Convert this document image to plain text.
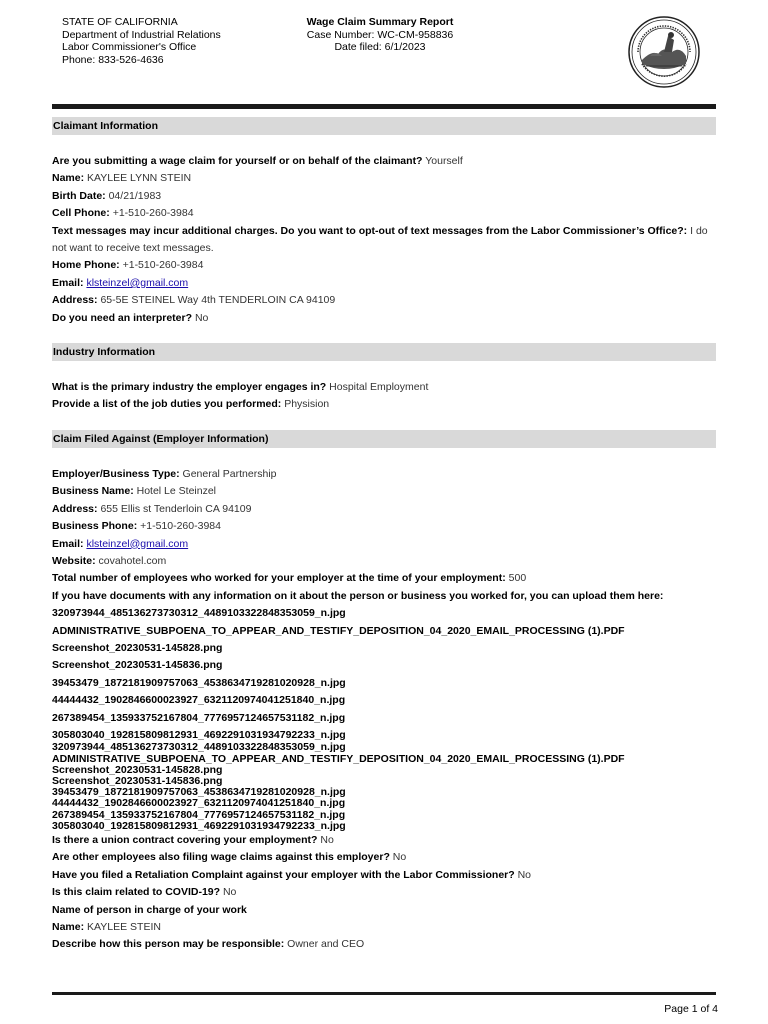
STATE OF CALIFORNIA
Department of Industrial Relations
Labor Commissioner's Office
Phone: 833-526-4636
Wage Claim Summary Report
Case Number: WC-CM-958836
Date filed: 6/1/2023
Claimant Information
Are you submitting a wage claim for yourself or on behalf of the claimant? Yourself
Name: KAYLEE LYNN STEIN
Birth Date: 04/21/1983
Cell Phone: +1-510-260-3984
Text messages may incur additional charges. Do you want to opt-out of text messages from the Labor Commissioner’s Office?: I do not want to receive text messages.
Home Phone: +1-510-260-3984
Email: klsteinzel@gmail.com
Address: 65-5E STEINEL Way 4th TENDERLOIN CA 94109
Do you need an interpreter? No
Industry Information
What is the primary industry the employer engages in? Hospital Employment
Provide a list of the job duties you performed: Physision
Claim Filed Against (Employer Information)
Employer/Business Type: General Partnership
Business Name: Hotel Le Steinzel
Address: 655 Ellis st Tenderloin CA 94109
Business Phone: +1-510-260-3984
Email: klsteinzel@gmail.com
Website: covahotel.com
Total number of employees who worked for your employer at the time of your employment: 500
If you have documents with any information on it about the person or business you worked for, you can upload them here:
320973944_485136273730312_4489103322848353059_n.jpg
ADMINISTRATIVE_SUBPOENA_TO_APPEAR_AND_TESTIFY_DEPOSITION_04_2020_EMAIL_PROCESSING (1).PDF
Screenshot_20230531-145828.png
Screenshot_20230531-145836.png
39453479_1872181909757063_4538634719281020928_n.jpg
44444432_1902846600023927_6321120974041251840_n.jpg
267389454_135933752167804_7776957124657531182_n.jpg
305803040_192815809812931_4692291031934792233_n.jpg
320973944_485136273730312_4489103322848353059_n.jpg
ADMINISTRATIVE_SUBPOENA_TO_APPEAR_AND_TESTIFY_DEPOSITION_04_2020_EMAIL_PROCESSING (1).PDF
Screenshot_20230531-145828.png
Screenshot_20230531-145836.png
39453479_1872181909757063_4538634719281020928_n.jpg
44444432_1902846600023927_6321120974041251840_n.jpg
267389454_135933752167804_7776957124657531182_n.jpg
305803040_192815809812931_4692291031934792233_n.jpg
Is there a union contract covering your employment? No
Are other employees also filing wage claims against this employer? No
Have you filed a Retaliation Complaint against your employer with the Labor Commissioner? No
Is this claim related to COVID-19? No
Name of person in charge of your work
Name: KAYLEE STEIN
Describe how this person may be responsible: Owner and CEO
Page 1 of 4
